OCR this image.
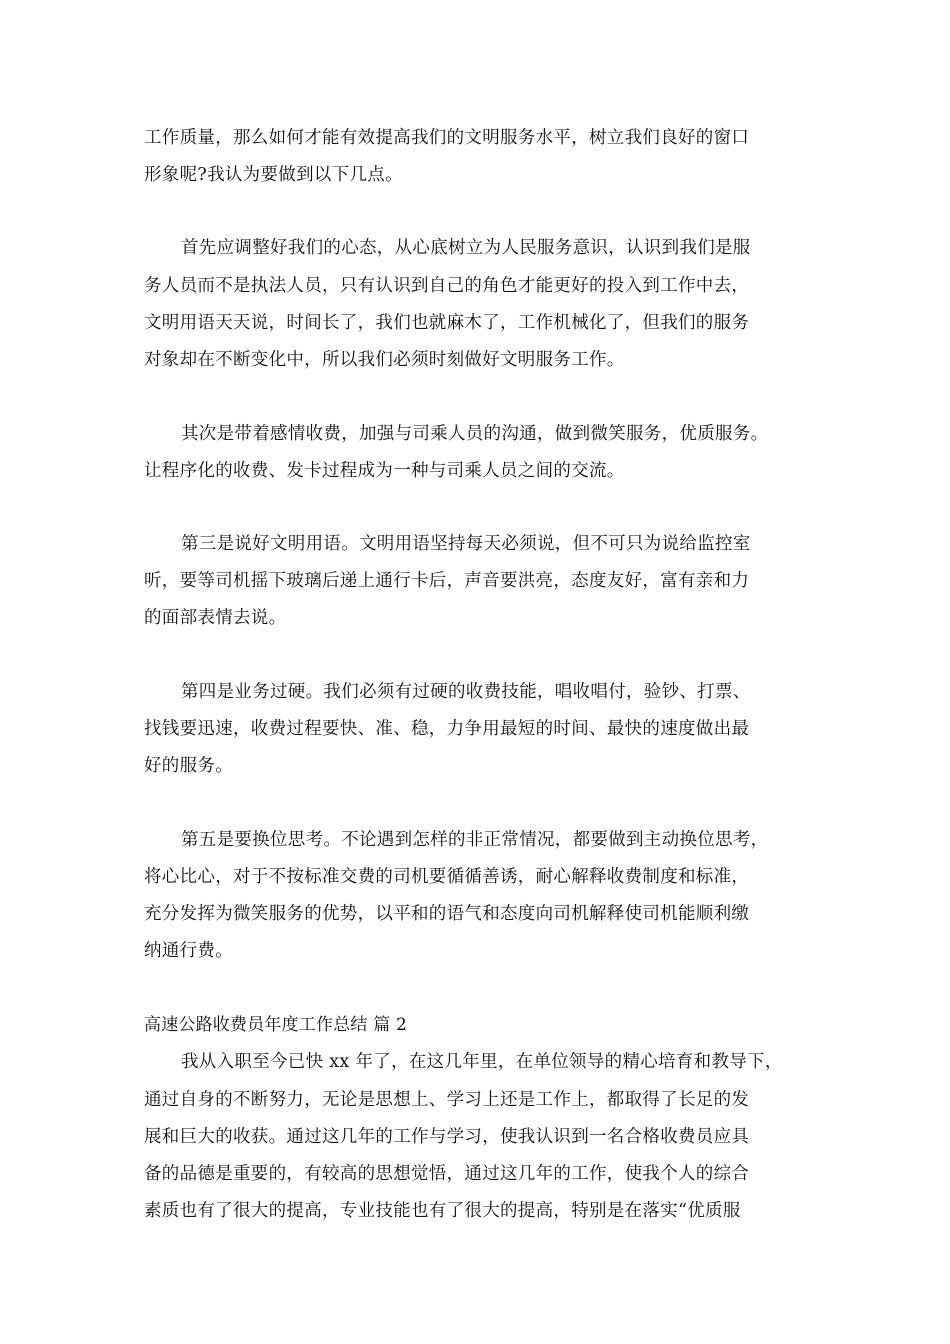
工作质量，那么如何才能有效提高我们的文明服务水平，树立我们良好的窗口
形象呢?我认为要做到以下几点。
首先应调整好我们的心态，从心底树立为人民服务意识，认识到我们是服
务人员而不是执法人员，只有认识到自己的角色才能更好的投入到工作中去，
文明用语天天说，时间长了，我们也就麻木了，工作机械化了，但我们的服务
对象却在不断变化中，所以我们必须时刻做好文明服务工作。
其次是带着感情收费，加强与司乘人员的沟通，做到微笑服务，优质服务。
让程序化的收费、发卡过程成为一种与司乘人员之间的交流。
第三是说好文明用语。文明用语坚持每天必须说，但不可只为说给监控室
听，要等司机摇下玻璃后递上通行卡后，声音要洪亮，态度友好，富有亲和力
的面部表情去说。
第四是业务过硬。我们必须有过硬的收费技能，唱收唱付，验钞、打票、
找钱要迅速，收费过程要快、准、稳，力争用最短的时间、最快的速度做出最
好的服务。
第五是要换位思考。不论遇到怎样的非正常情况，都要做到主动换位思考，
将心比心，对于不按标准交费的司机要循循善诱，耐心解释收费制度和标准，
充分发挥为微笑服务的优势，以平和的语气和态度向司机解释使司机能顺利缴
纳通行费。
高速公路收费员年度工作总结 篇 2
我从入职至今已快 xx 年了，在这几年里，在单位领导的精心培育和教导下，
通过自身的不断努力，无论是思想上、学习上还是工作上，都取得了长足的发
展和巨大的收获。通过这几年的工作与学习，使我认识到一名合格收费员应具
备的品德是重要的，有较高的思想觉悟，通过这几年的工作，使我个人的综合
素质也有了很大的提高，专业技能也有了很大的提高，特别是在落实“优质服
